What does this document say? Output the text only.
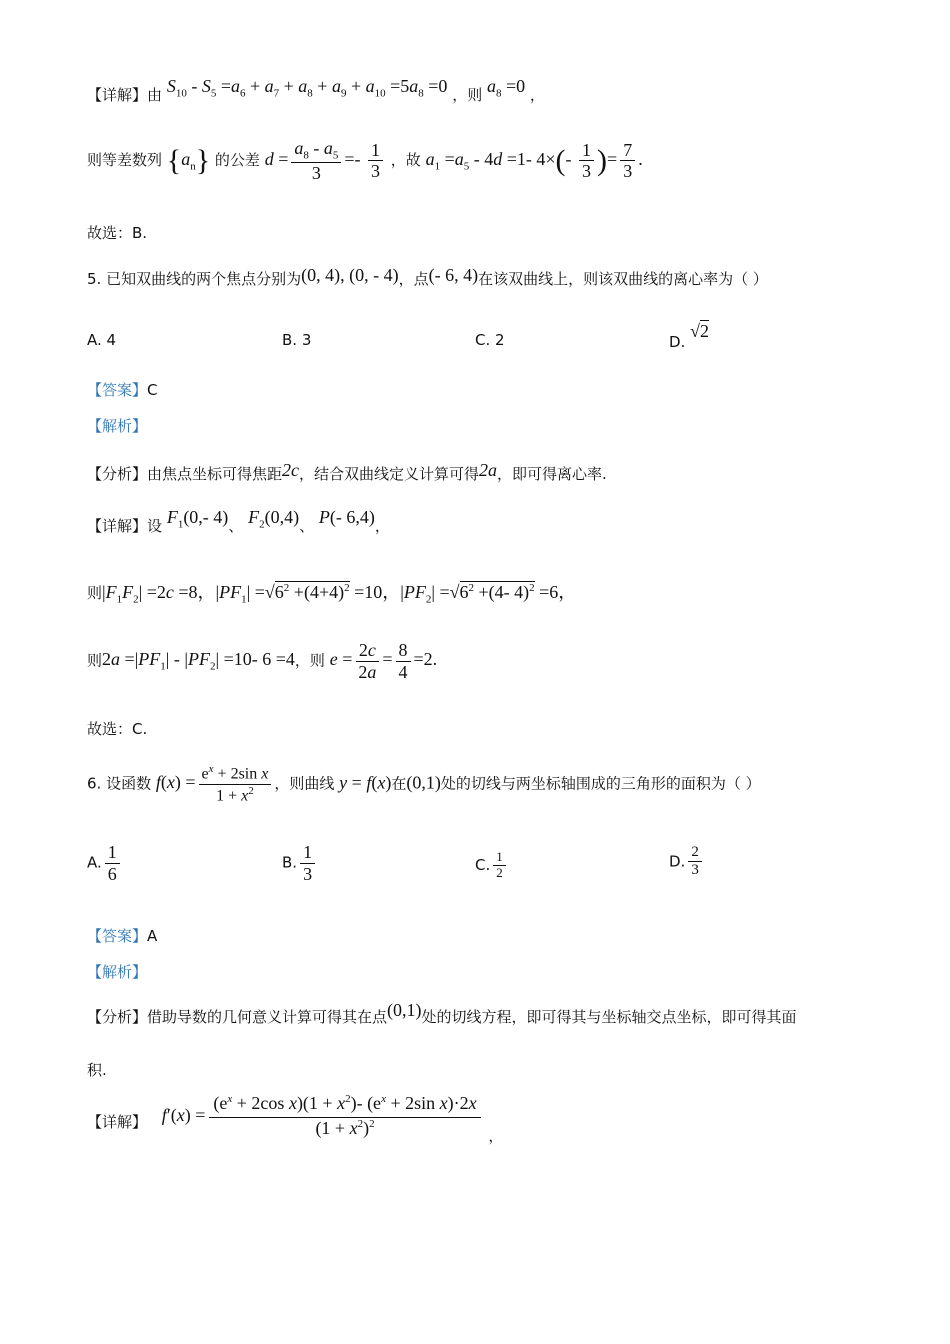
【详解】由 $S_{10} - S_5 =a_6 + a_7 + a_8 + a_9 + a_{10} =5a_8 =0$ ，则 $a_8 =0$ ，
则等差数列 $\{a_n\}$ 的公差 $d = \frac{a_8 - a_5}{3} =- \frac{1}{3}$ ，故 $a_1 =a_5 - 4d =1-$ $4\times(- \frac{1}{3}$ )= $\frac{7}{3}$ .
故选：B.
5. 已知双曲线的两个焦点分别为(0, 4), (0, - 4)，点(- 6, 4)在该双曲线上，则该双曲线的离心率为（ ）
A. 4	B. 3	C. 2	D. √2
【答案】C
【解析】
【分析】由焦点坐标可得焦距2c，结合双曲线定义计算可得2a，即可得离心率.
【详解】设 $F_1(0,-$ 4)、 $F_2(0,4)$、 P(- 6,4)，
则$|F_1F_2| =2c =8$，$|PF_1| =√6^2 +(4+4)^2 =10$，$|PF_2| =√6^2 +(4-$ 4)$^2$ =6，
则$2a =|PF_1| - |PF_2| =10-$ 6 =4，则 $e = \frac{2c}{2a} = \frac{8}{4} =2$.
故选：C.
6. 设函数 $f(x) = \frac{e^x + 2\sin x}{1 + x^2}$ ，则曲线 y = f(x)在(0,1)处的切线与两坐标轴围成的三角形的面积为（ ）
A. $\frac{1}{6}$	B. $\frac{1}{3}$	C. $\frac{1}{2}$	D. $\frac{2}{3}$
【答案】A
【解析】
【分析】借助导数的几何意义计算可得其在点(0,1)处的切线方程，即可得其与坐标轴交点坐标，即可得其面
积.
【详解】 f ′( x ) = $\frac{(e^x + 2\cos x)(1 + x^2)- (e^x + 2\sin x)\cdot 2x}{(1 + x^2)^2}$ ，
